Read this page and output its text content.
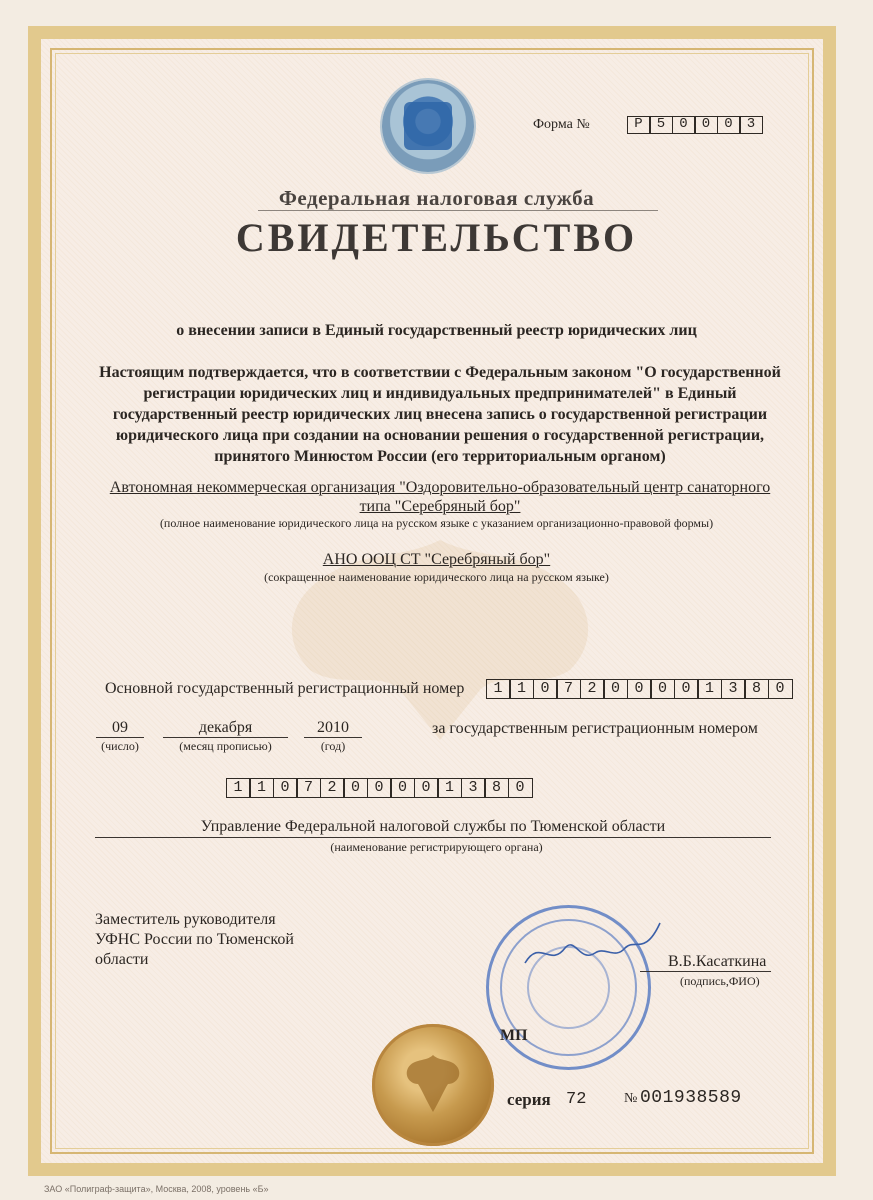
Форма №	Р	5	0	0	0	3
Федеральная налоговая служба
СВИДЕТЕЛЬСТВО
о внесении записи в Единый государственный реестр юридических лиц
Настоящим подтверждается, что в соответствии с Федеральным законом "О государственной регистрации юридических лиц и индивидуальных предпринимателей" в Единый государственный реестр юридических лиц внесена запись о государственной регистрации юридического лица при создании на основании решения о государственной регистрации, принятого Минюстом России (его территориальным органом)
Автономная некоммерческая организация "Оздоровительно-образовательный центр санаторного типа "Серебряный бор"
(полное наименование юридического лица на русском языке с указанием организационно-правовой формы)
АНО ООЦ СТ "Серебряный бор"
(сокращенное наименование юридического лица на русском языке)
Основной государственный регистрационный номер	1 1 0 7 2 0 0 0 0 1 3 8 0
09	декабря	2010
(число)	(месяц прописью)	(год)
за государственным регистрационным номером
1 1 0 7 2 0 0 0 0 1 3 8 0
Управление Федеральной налоговой службы по Тюменской области
(наименование регистрирующего органа)
Заместитель руководителя
УФНС России по Тюменской
области	В.Б.Касаткина
(подпись,ФИО)
МП
серия 72	№ 001938589
ЗАО «Полиграф-защита», Москва, 2008, уровень «Б»
